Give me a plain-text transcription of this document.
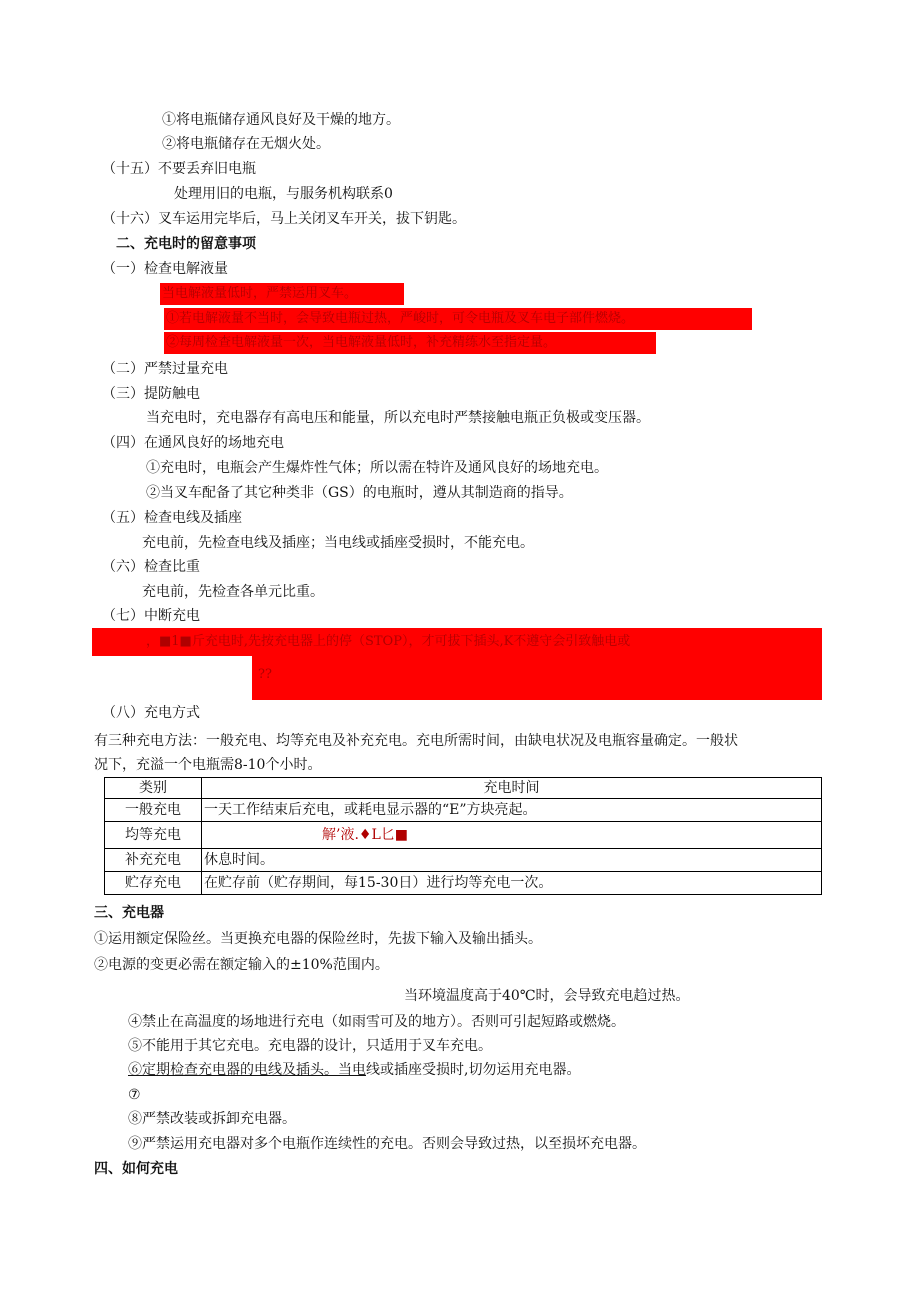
①将电瓶储存通风良好及干燥的地方。
②将电瓶储存在无烟火处。
（十五）不要丢弃旧电瓶
处理用旧的电瓶，与服务机构联系0
（十六）叉车运用完毕后，马上关闭叉车开关，拔下钥匙。
二、充电时的留意事项
（一）检查电解液量
当电解液量低时，严禁运用叉车。
①若电解液量不当时，会导致电瓶过热，严峻时，可令电瓶及叉车电子部件燃烧。
②每周检查电解液量一次，当电解液量低时，补充精练水至指定量。
（二）严禁过量充电
（三）提防触电
当充电时，充电器存有高电压和能量，所以充电时严禁接触电瓶正负极或变压器。
（四）在通风良好的场地充电
①充电时，电瓶会产生爆炸性气体；所以需在特许及通风良好的场地充电。
②当叉车配备了其它种类非（GS）的电瓶时，遵从其制造商的指导。
（五）检查电线及插座
充电前，先检查电线及插座；当电线或插座受损时，不能充电。
（六）检查比重
充电前，先检查各单元比重。
（七）中断充电
，■1■斤充电时,先按充电器上的停（STOP），才可拔下插头,K不遵守会引致触电或
??
（八）充电方式
有三种充电方法：一般充电、均等充电及补充充电。充电所需时间，由缺电状况及电瓶容量确定。一般状
况下，充溢一个电瓶需8-10个小时。
类别	充电时间
一般充电	一天工作结束后充电，或耗电显示器的“E”方块亮起。
均等充电	解’液.♦L匕■
补充充电	休息时间。
贮存充电	在贮存前（贮存期间，每15-30日）进行均等充电一次。
三、充电器
①运用额定保险丝。当更换充电器的保险丝时，先拔下输入及输出插头。
②电源的变更必需在额定输入的±10%范围内。
当环境温度高于40℃时，会导致充电趋过热。
④禁止在高温度的场地进行充电（如雨雪可及的地方）。否则可引起短路或燃烧。
⑤不能用于其它充电。充电器的设计，只适用于叉车充电。
⑥定期检查充电器的电线及插头。当电线或插座受损时,切勿运用充电器。
⑦
⑧严禁改装或拆卸充电器。
⑨严禁运用充电器对多个电瓶作连续性的充电。否则会导致过热，以至损坏充电器。
四、如何充电
